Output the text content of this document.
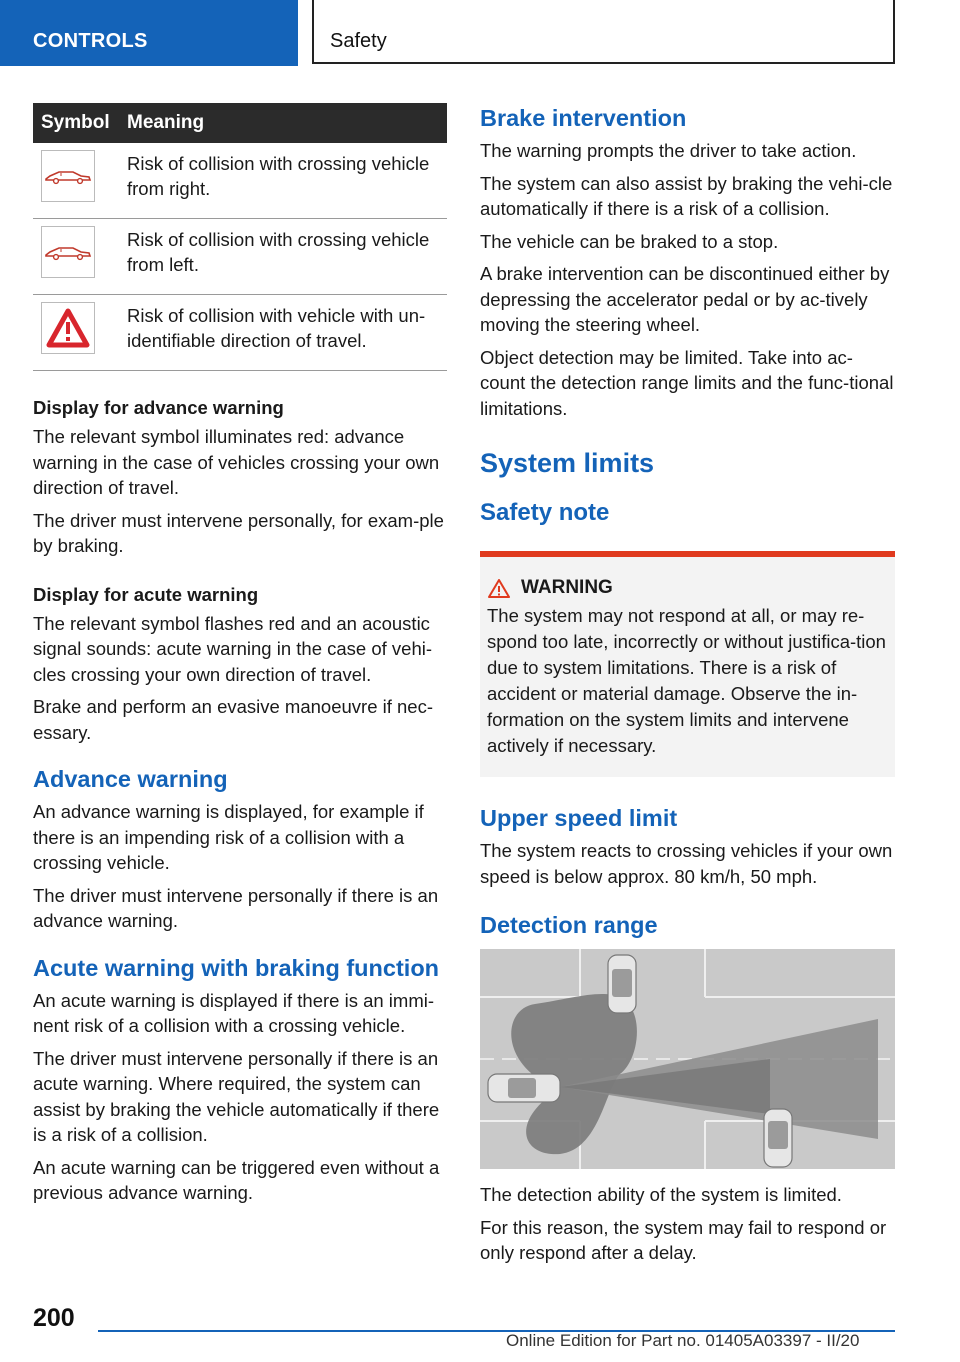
CONTROLS	Safety
Symbol	Meaning

	Risk of collision with crossing vehicle from right.

	Risk of collision with crossing vehicle from left.

	Risk of collision with vehicle with un-identifiable direction of travel.
Display for advance warning

The relevant symbol illuminates red: advance warning in the case of vehicles crossing your own direction of travel.

The driver must intervene personally, for exam-ple by braking.

Display for acute warning

The relevant symbol flashes red and an acoustic signal sounds: acute warning in the case of vehi-cles crossing your own direction of travel.

Brake and perform an evasive manoeuvre if nec-essary.

Advance warning

An advance warning is displayed, for example if there is an impending risk of a collision with a crossing vehicle.

The driver must intervene personally if there is an advance warning.

Acute warning with braking function

An acute warning is displayed if there is an immi-nent risk of a collision with a crossing vehicle.

The driver must intervene personally if there is an acute warning. Where required, the system can assist by braking the vehicle automatically if there is a risk of a collision.

An acute warning can be triggered even without a previous advance warning.

Brake intervention

The warning prompts the driver to take action.

The system can also assist by braking the vehi-cle automatically if there is a risk of a collision.

The vehicle can be braked to a stop.

A brake intervention can be discontinued either by depressing the accelerator pedal or by ac-tively moving the steering wheel.

Object detection may be limited. Take into ac-count the detection range limits and the func-tional limitations.

System limits
Safety note
WARNING

The system may not respond at all, or may re-spond too late, incorrectly or without justifica-tion due to system limitations. There is a risk of accident or material damage. Observe the in-formation on the system limits and intervene actively if necessary.

Upper speed limit

The system reacts to crossing vehicles if your own speed is below approx. 80 km/h, 50 mph.

Detection range

The detection ability of the system is limited.

For this reason, the system may fail to respond or only respond after a delay.

200
Online Edition for Part no. 01405A03397 - II/20
